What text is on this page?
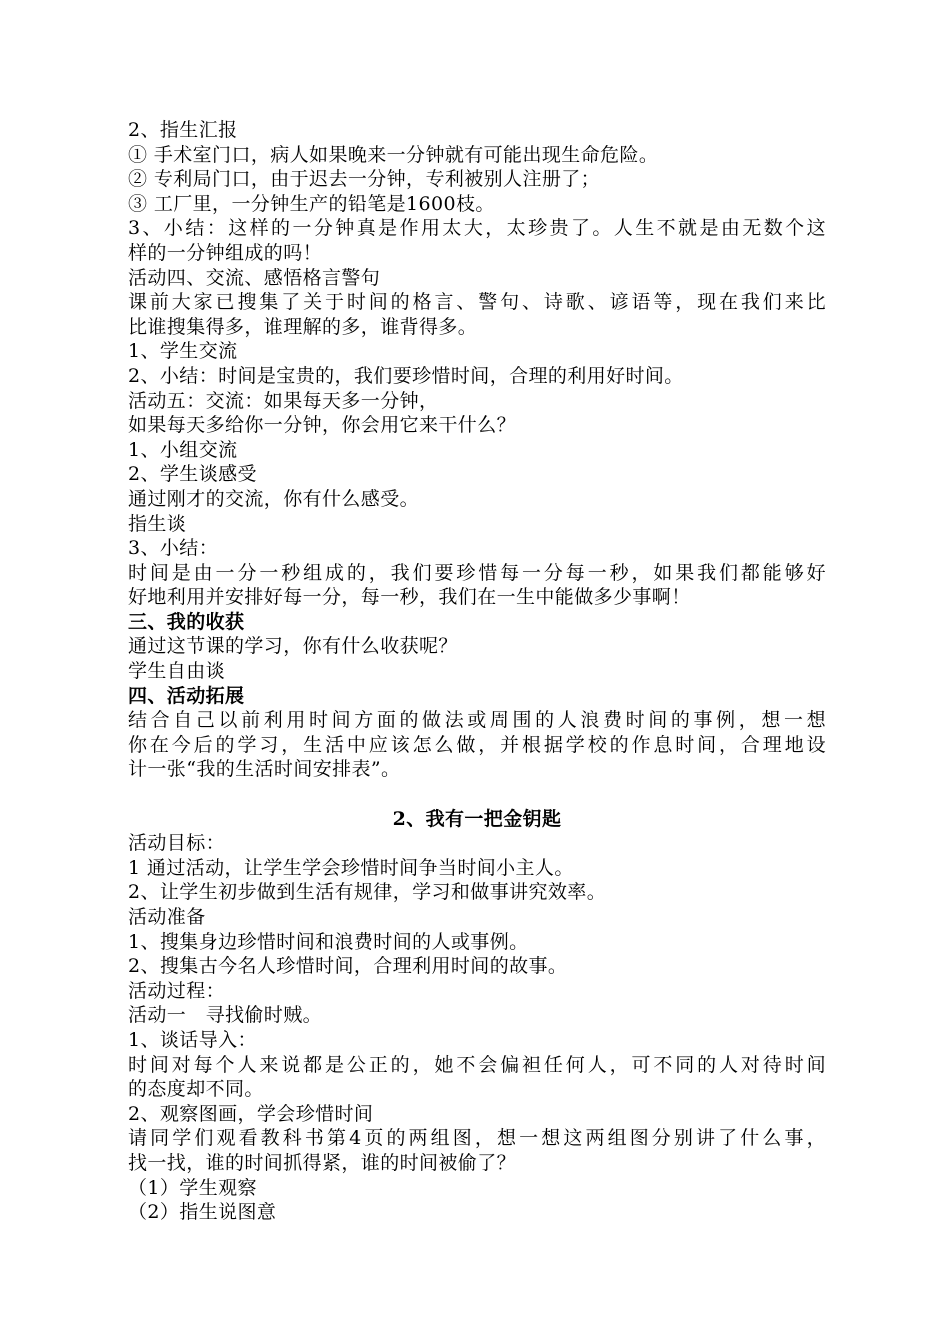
2、指生汇报
① 手术室门口，病人如果晚来一分钟就有可能出现生命危险。
② 专利局门口，由于迟去一分钟，专利被别人注册了；
③ 工厂里，一分钟生产的铅笔是1600枝。
3、小结：这样的一分钟真是作用太大，太珍贵了。人生不就是由无数个这
样的一分钟组成的吗！
活动四、交流、感悟格言警句
课前大家已搜集了关于时间的格言、警句、诗歌、谚语等，现在我们来比
比谁搜集得多，谁理解的多，谁背得多。
1、学生交流
2、小结：时间是宝贵的，我们要珍惜时间，合理的利用好时间。
活动五：交流：如果每天多一分钟，
如果每天多给你一分钟，你会用它来干什么？
1、小组交流
2、学生谈感受
通过刚才的交流，你有什么感受。
指生谈
3、小结：
时间是由一分一秒组成的，我们要珍惜每一分每一秒，如果我们都能够好
好地利用并安排好每一分，每一秒，我们在一生中能做多少事啊！
三、我的收获
通过这节课的学习，你有什么收获呢？
学生自由谈
四、活动拓展
结合自己以前利用时间方面的做法或周围的人浪费时间的事例，想一想
你在今后的学习，生活中应该怎么做，并根据学校的作息时间，合理地设
计一张“我的生活时间安排表”。
2、我有一把金钥匙
活动目标：
1 通过活动，让学生学会珍惜时间争当时间小主人。
2、让学生初步做到生活有规律，学习和做事讲究效率。
活动准备
1、搜集身边珍惜时间和浪费时间的人或事例。
2、搜集古今名人珍惜时间，合理利用时间的故事。
活动过程：
活动一　寻找偷时贼。
1、谈话导入：
时间对每个人来说都是公正的，她不会偏袒任何人，可不同的人对待时间
的态度却不同。
2、观察图画，学会珍惜时间
请同学们观看教科书第4页的两组图，想一想这两组图分别讲了什么事，
找一找，谁的时间抓得紧，谁的时间被偷了？
（1）学生观察
（2）指生说图意
